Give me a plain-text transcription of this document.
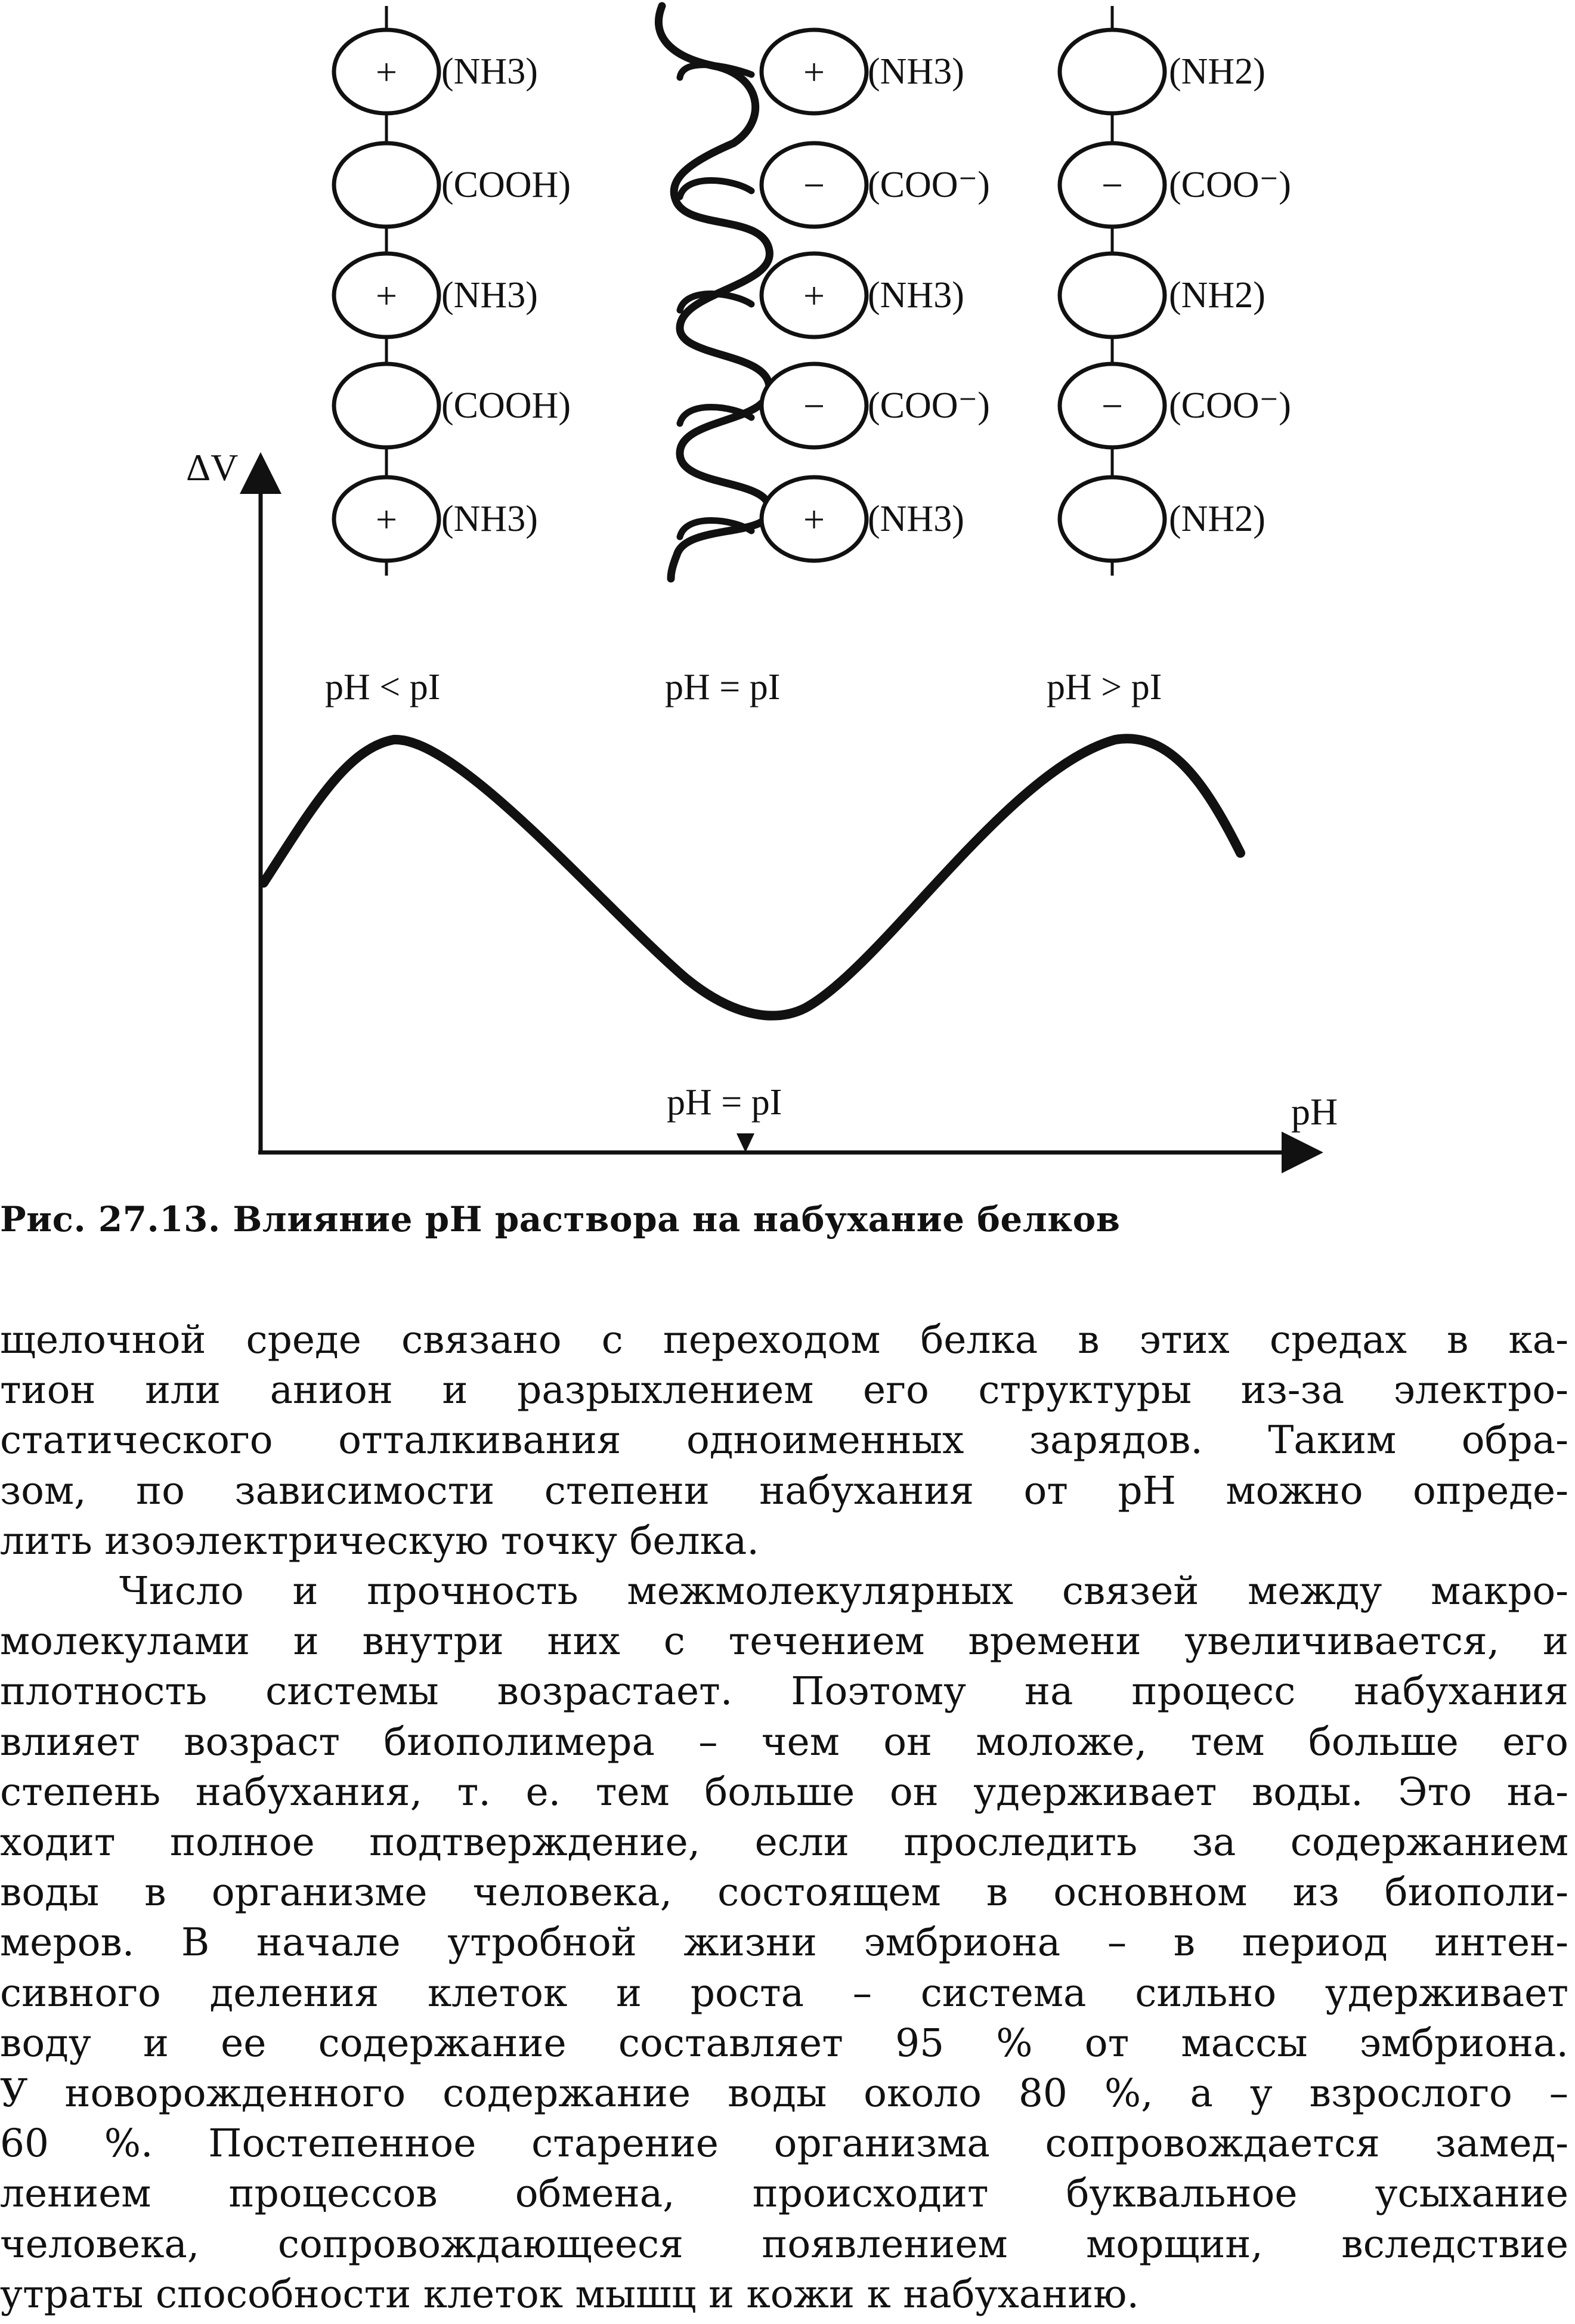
ΔV
pH
pH < pI	pH = pI	pH > pI
pH = pI
+ (NH3)
(COOH)
+ (NH3)
(COOH)
+ (NH3)
+ (NH3)
− (COO⁻)
+ (NH3)
− (COO⁻)
+ (NH3)
(NH2)
− (COO⁻)
(NH2)
− (COO⁻)
(NH2)
Рис. 27.13. Влияние pH раствора на набухание белков
щелочной среде связано с переходом белка в этих средах в ка-
тион или анион и разрыхлением его структуры из-за электро-
статического отталкивания одноименных зарядов. Таким обра-
зом, по зависимости степени набухания от pH можно опреде-
лить изоэлектрическую точку белка.
Число и прочность межмолекулярных связей между макро-
молекулами и внутри них с течением времени увеличивается, и
плотность системы возрастает. Поэтому на процесс набухания
влияет возраст биополимера – чем он моложе, тем больше его
степень набухания, т. е. тем больше он удерживает воды. Это на-
ходит полное подтверждение, если проследить за содержанием
воды в организме человека, состоящем в основном из биополи-
меров. В начале утробной жизни эмбриона – в период интен-
сивного деления клеток и роста – система сильно удерживает
воду и ее содержание составляет 95 % от массы эмбриона.
У новорожденного содержание воды около 80 %, а у взрослого –
60 %. Постепенное старение организма сопровождается замед-
лением процессов обмена, происходит буквальное усыхание
человека, сопровождающееся появлением морщин, вследствие
утраты способности клеток мышц и кожи к набуханию.
